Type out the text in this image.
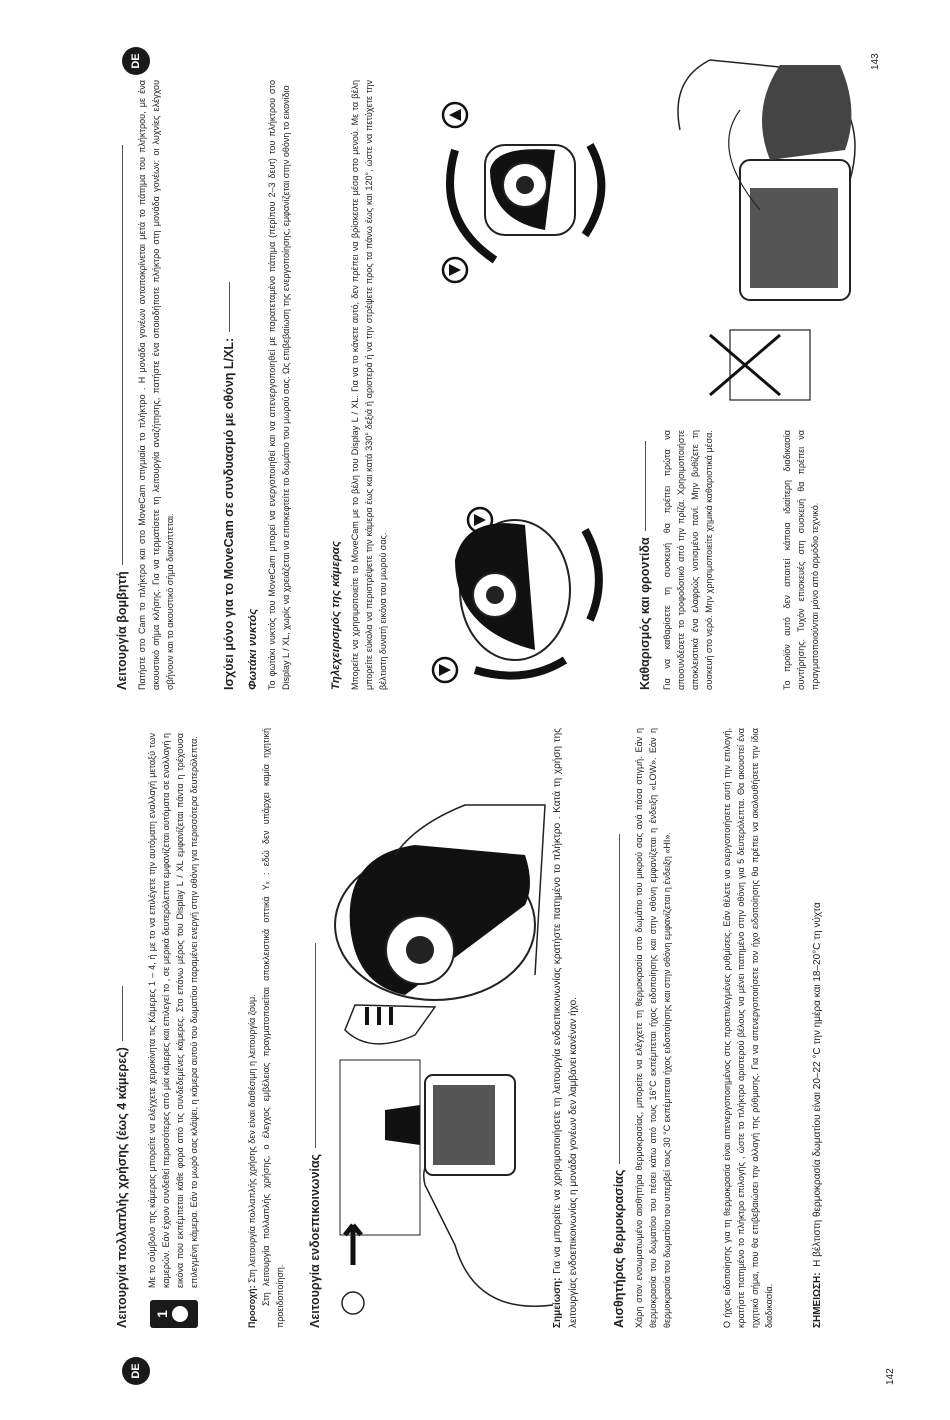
DE	142
1
Λειτουργία πολλαπλής χρήσης (έως 4 κάμερες) Με το σύμβολο της κάμερας μπορείτε να ελέγχετε χειροκίνητα τις Κάμερες 1 – 4, ή με το να επιλέγετε την αυτόματη εναλλαγή μεταξύ των καμερών. Εάν έχουν συνδεθεί περισσότερες από μία κάμερες και επιλεγεί το , σε μερικά δευτερόλεπτα εμφανίζεται αυτόματα σε εναλλαγή η εικόνα που εκπέμπεται κάθε φορά από τις συνδεδεμένες κάμερες. Στο επάνω μέρος του Display L / XL εμφανίζεται πάντα η τρέχουσα επιλεγμένη κάμερα. Εάν το μωρό σας κλάψει, η κάμερα αυτού του δωματίου παραμένει ενεργή στην οθόνη για περισσότερα δευτερόλεπτα.
Προσοχή: Στη λειτουργία πολλαπλής χρήσης δεν είναι διαθέσιμη η λειτουργία ζουμ. Στη λειτουργία πολλαπλής χρήσης, ο έλεγχος εμβέλειας πραγματοποιείται αποκλειστικά οπτικά Yₓ : εδώ δεν υπάρχει καμία ηχητική προειδοποίηση. Λειτουργία ενδοεπικοινωνίας	Σημείωση: Για να μπορείτε να χρησιμοποιήσετε τη λειτουργία ενδοεπικοινωνίας κρατήστε πατημένο το πλήκτρο . Κατά τη χρήση της λειτουργίας ενδοεπικοινωνίας η μονάδα γονέων δεν λαμβάνει κανέναν ήχο.	Αισθητήρας θερμοκρασίας Χάρη στον ενσωματωμένο αισθητήρα θερμοκρασίας, μπορείτε να ελέγχετε τη θερμοκρασία στο δωμάτιο του μικρού σας ανά πάσα στιγμή. Εάν η θερμοκρασία του δωματίου του πέσει κάτω από τους 16°C εκπέμπεται ήχος ειδοποίησης και στην οθόνη εμφανίζεται η ένδειξη «LOW». Εάν η θερμοκρασία του δωματίου του υπερβεί τους 30 °C εκπέμπεται ήχος ειδοποίησης και στην οθόνη εμφανίζεται η ένδειξη «HI».	Ο ήχος ειδοποίησης για τη θερμοκρασία είναι απενεργοποιημένος στις προεπιλεγμένες ρυθμίσεις. Εάν θέλετε να ενεργοποιήσετε αυτή την επιλογή, κρατήστε πατημένο το πλήκτρο επιλογής , ώστε το πλήκτρο αριστερού βέλους να μένει πατημένο στην οθόνη για 5 δευτερόλεπτα. Θα ακουστεί ένα ηχητικό σήμα, που θα επιβεβαιώσει την αλλαγή της ρύθμισης. Για να απενεργοποιήσετε τον ήχο ειδοποίησης θα πρέπει να ακολουθήσετε την ίδια διαδικασία.	ΣΗΜΕΙΩΣΗ:  Η βέλτιστη θερμοκρασία δωματίου είναι 20–22 °C την ημέρα και 18–20°C τη νύχτα
DE	143
Λειτουργία βομβητή Πατήστε στο Cam το πλήκτρο και στο MoveCam στιγμιαία το πλήκτρο . Η μονάδα γονέων ανταποκρίνεται μετά το πάτημα του πλήκτρου, με ένα ακουστικό σήμα κλήσης. Για να τερματίσετε τη λειτουργία αναζήτησης, πατήστε ένα οποιοδήποτε πλήκτρο στη μονάδα γονέων: οι λυχνίες ελέγχου σβήνουν και το ακουστικό σήμα διακόπτεται.	Ισχύει μόνο για το MoveCam σε συνδυασμό με οθόνη L/XL: Φωτάκι νυκτός Το φωτάκι νυκτός του MoveCam μπορεί να ενεργοποιηθεί και να απενεργοποιηθεί με παρατεταμένο πάτημα (περίπου 2–3 δευτ) του πλήκτρου στο Display L / XL, χωρίς να χρειάζεται να επισκεφτείτε το δωμάτιο του μωρού σας. Ως επιβεβαίωση της ενεργοποίησης, εμφανίζεται στην οθόνη το εικονίδιο	Τηλεχειρισμός της κάμερας Μπορείτε να χρησιμοποιείτε το MoveCam με το βέλη του Display L / XL. Για να το κάνετε αυτό, δεν πρέπει να βρίσκεστε μέσα στο μενού. Με τα βέλη μπορείτε εύκολα να περιστρέψετε την κάμερα έως και κατά 330° δεξιά ή αριστερά ή να την στρέψετε προς τα πάνω έως και 120°, ώστε να πετύχετε την βέλτιστη δυνατή εικόνα του μωρού σας.	Καθαρισμός και φροντίδα Για να καθαρίσετε τη συσκευή θα πρέπει πρώτα να αποσυνδέσετε το τροφοδοτικό από την πρίζα. Χρησιμοποιήστε αποκλειστικά ένα ελαφρώς νοτισμένο πανί. Μην βυθίζετε τη συσκευή στο νερό. Μην χρησιμοποιείτε χημικά καθαριστικά μέσα.	Το προϊόν αυτό δεν απαιτεί κάποια ιδιαίτερη διαδικασία συντήρησης. Τυχόν επισκευές στη συσκευή θα πρέπει να πραγματοποιούνται μόνο από αρμόδιο τεχνικό.
